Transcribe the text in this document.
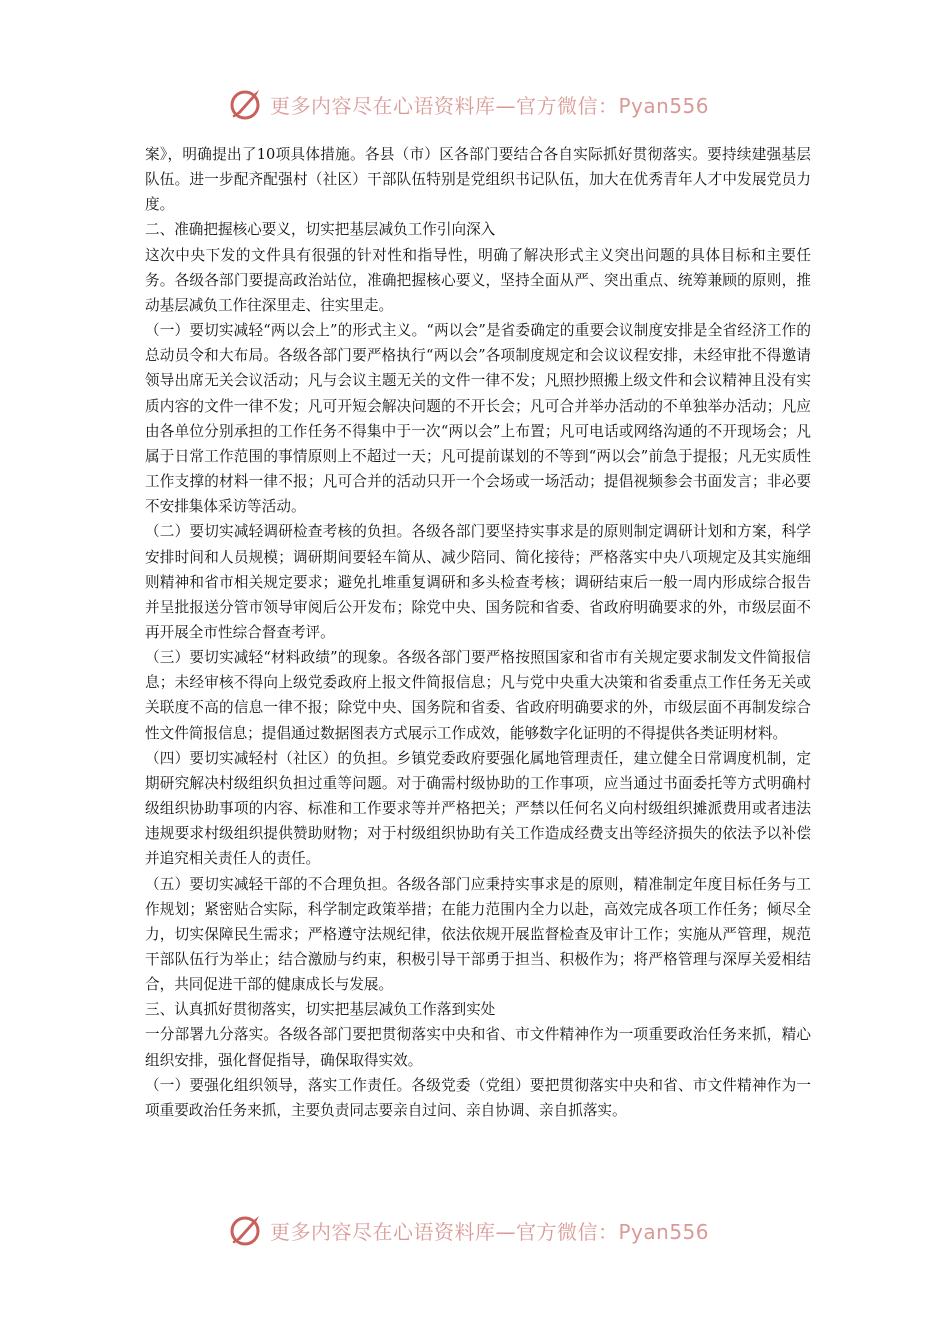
更多内容尽在心语资料库—官方微信：Pyan556

案》，明确提出了10项具体措施。各县（市）区各部门要结合各自实际抓好贯彻落实。要持续建强基层队伍。进一步配齐配强村（社区）干部队伍特别是党组织书记队伍，加大在优秀青年人才中发展党员力度。

二、准确把握核心要义，切实把基层减负工作引向深入

这次中央下发的文件具有很强的针对性和指导性，明确了解决形式主义突出问题的具体目标和主要任务。各级各部门要提高政治站位，准确把握核心要义，坚持全面从严、突出重点、统筹兼顾的原则，推动基层减负工作往深里走、往实里走。

（一）要切实减轻“两以会上”的形式主义。“两以会”是省委确定的重要会议制度安排是全省经济工作的总动员令和大布局。各级各部门要严格执行“两以会”各项制度规定和会议议程安排，未经审批不得邀请领导出席无关会议活动；凡与会议主题无关的文件一律不发；凡照抄照搬上级文件和会议精神且没有实质内容的文件一律不发；凡可开短会解决问题的不开长会；凡可合并举办活动的不单独举办活动；凡应由各单位分别承担的工作任务不得集中于一次“两以会”上布置；凡可电话或网络沟通的不开现场会；凡属于日常工作范围的事情原则上不超过一天；凡可提前谋划的不等到“两以会”前急于提报；凡无实质性工作支撑的材料一律不报；凡可合并的活动只开一个会场或一场活动；提倡视频参会书面发言；非必要不安排集体采访等活动。

（二）要切实减轻调研检查考核的负担。各级各部门要坚持实事求是的原则制定调研计划和方案，科学安排时间和人员规模；调研期间要轻车简从、减少陪同、简化接待；严格落实中央八项规定及其实施细则精神和省市相关规定要求；避免扎堆重复调研和多头检查考核；调研结束后一般一周内形成综合报告并呈批报送分管市领导审阅后公开发布；除党中央、国务院和省委、省政府明确要求的外，市级层面不再开展全市性综合督查考评。

（三）要切实减轻“材料政绩”的现象。各级各部门要严格按照国家和省市有关规定要求制发文件简报信息；未经审核不得向上级党委政府上报文件简报信息；凡与党中央重大决策和省委重点工作任务无关或关联度不高的信息一律不报；除党中央、国务院和省委、省政府明确要求的外，市级层面不再制发综合性文件简报信息；提倡通过数据图表方式展示工作成效，能够数字化证明的不得提供各类证明材料。

（四）要切实减轻村（社区）的负担。乡镇党委政府要强化属地管理责任，建立健全日常调度机制，定期研究解决村级组织负担过重等问题。对于确需村级协助的工作事项，应当通过书面委托等方式明确村级组织协助事项的内容、标准和工作要求等并严格把关；严禁以任何名义向村级组织摊派费用或者违法违规要求村级组织提供赞助财物；对于村级组织协助有关工作造成经费支出等经济损失的依法予以补偿并追究相关责任人的责任。

（五）要切实减轻干部的不合理负担。各级各部门应秉持实事求是的原则，精准制定年度目标任务与工作规划；紧密贴合实际，科学制定政策举措；在能力范围内全力以赴，高效完成各项工作任务；倾尽全力，切实保障民生需求；严格遵守法规纪律，依法依规开展监督检查及审计工作；实施从严管理，规范干部队伍行为举止；结合激励与约束，积极引导干部勇于担当、积极作为；将严格管理与深厚关爱相结合，共同促进干部的健康成长与发展。

三、认真抓好贯彻落实，切实把基层减负工作落到实处

一分部署九分落实。各级各部门要把贯彻落实中央和省、市文件精神作为一项重要政治任务来抓，精心组织安排，强化督促指导，确保取得实效。

（一）要强化组织领导，落实工作责任。各级党委（党组）要把贯彻落实中央和省、市文件精神作为一项重要政治任务来抓，主要负责同志要亲自过问、亲自协调、亲自抓落实。

更多内容尽在心语资料库—官方微信：Pyan556
